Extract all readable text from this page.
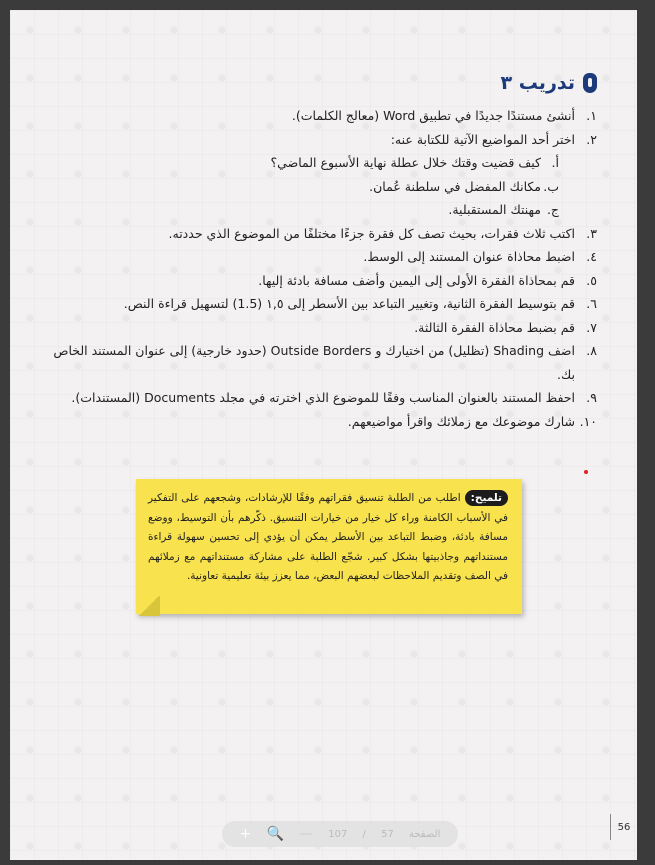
تدريب ٣
١.
أنشئ مستندًا جديدًا في تطبيق Word (معالج الكلمات).
٢.
اختر أحد المواضيع الآتية للكتابة عنه:
أ.
كيف قضيت وقتك خلال عطلة نهاية الأسبوع الماضي؟
ب.
مكانك المفضل في سلطنة عُمان.
ج.
مهنتك المستقبلية.
٣.
اكتب ثلاث فقرات، بحيث تصف كل فقرة جزءًا مختلفًا من الموضوع الذي حددته.
٤.
اضبط محاذاة عنوان المستند إلى الوسط.
٥.
قم بمحاذاة الفقرة الأولى إلى اليمين وأضف مسافة بادئة إليها.
٦.
قم بتوسيط الفقرة الثانية، وتغيير التباعد بين الأسطر إلى ١,٥ (1.5) لتسهيل قراءة النص.
٧.
قم بضبط محاذاة الفقرة الثالثة.
٨.
اضف Shading (تظليل) من اختيارك و Outside Borders (حدود خارجية) إلى عنوان المستند الخاص بك.
٩.
احفظ المستند بالعنوان المناسب وفقًا للموضوع الذي اخترته في مجلد Documents (المستندات).
١٠.
شارك موضوعك مع زملائك واقرأ مواضيعهم.
تلميح:اطلب من الطلبة تنسيق فقراتهم وفقًا للإرشادات، وشجعهم على التفكير في الأسباب الكامنة وراء كل خيار من خيارات التنسيق. ذكّرهم بأن التوسيط، ووضع مسافة بادئة، وضبط التباعد بين الأسطر يمكن أن يؤدي إلى تحسين سهولة قراءة مستنداتهم وجاذبيتها بشكل كبير. شجّع الطلبة على مشاركة مستنداتهم مع زملائهم في الصف وتقديم الملاحظات لبعضهم البعض، مما يعزز بيئة تعليمية تعاونية.
56
+ 🔍 — 107 / 57 الصفحة
